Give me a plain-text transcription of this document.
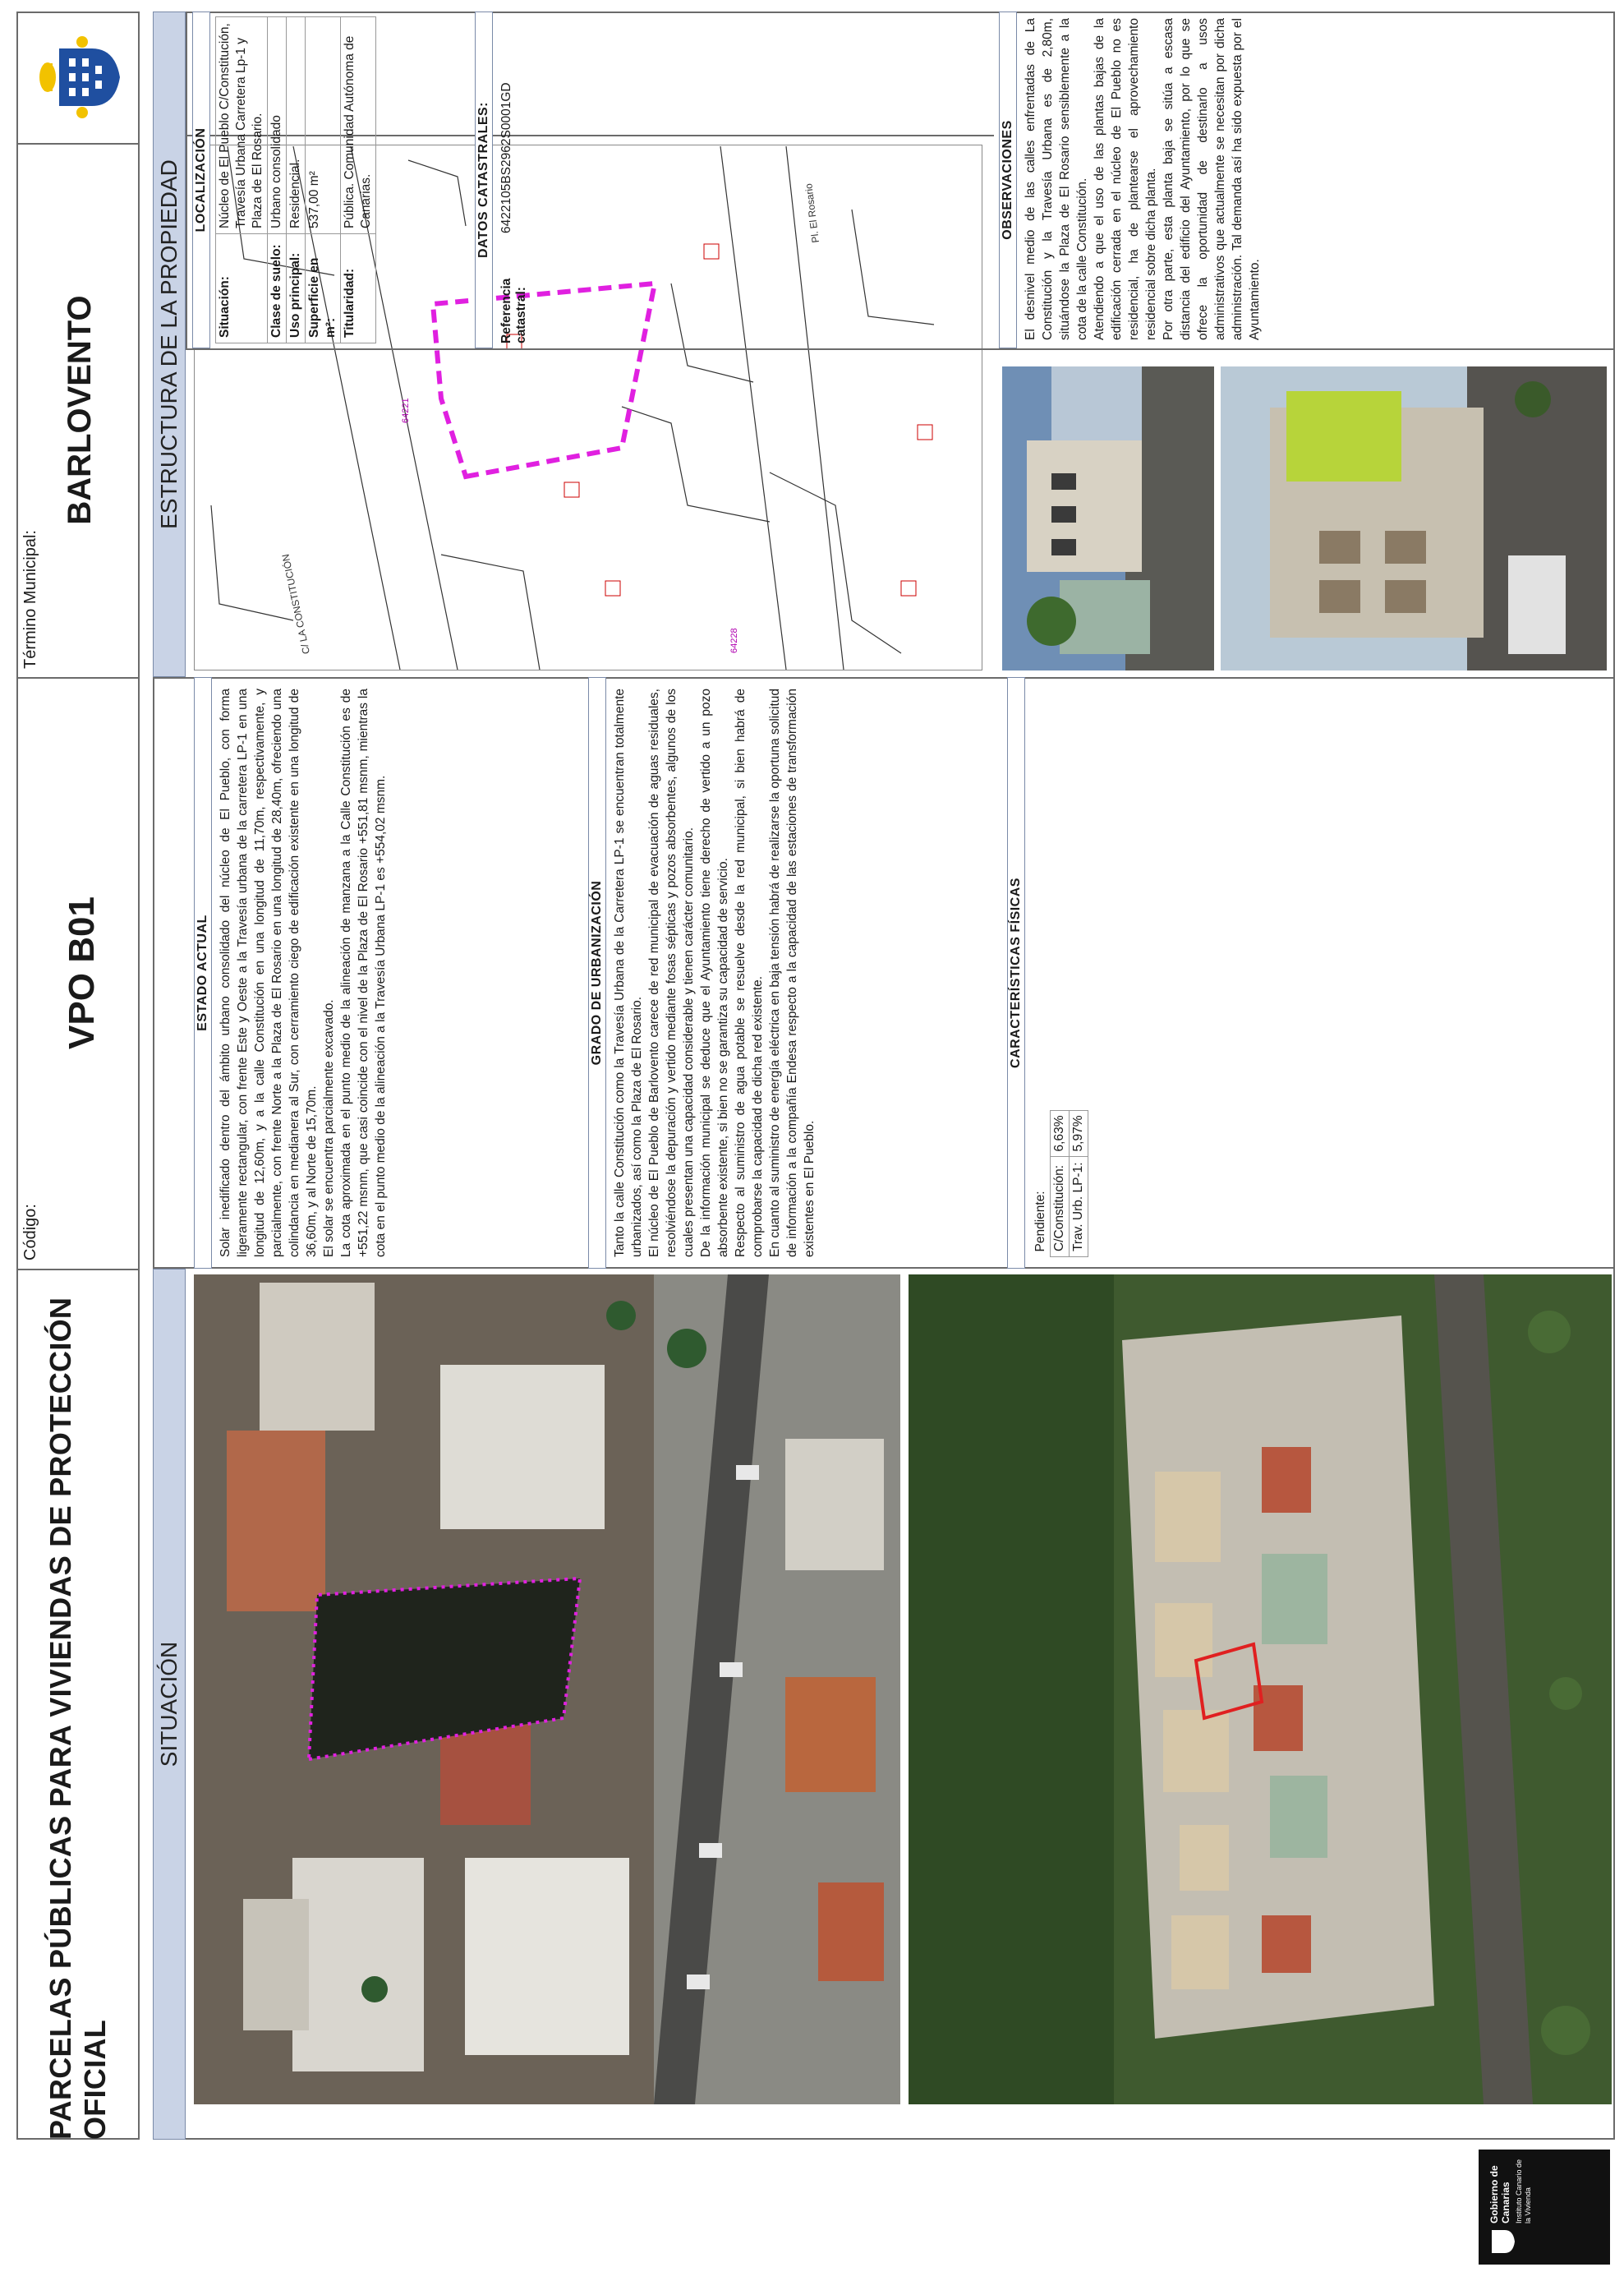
PARCELAS PÚBLICAS PARA VIVIENDAS DE PROTECCIÓN OFICIAL
Código:
VPO B01
Término Municipal:
BARLOVENTO
SITUACIÓN
ESTADO ACTUAL Solar inedificado dentro del ámbito urbano consolidado del núcleo de El Pueblo, con forma ligeramente rectangular, con frente Este y Oeste a la Travesía urbana de la carretera LP-1 en una longitud de 12,60m, y a la calle Constitución en una longitud de 11,70m, respectivamente, y parcialmente, con frente Norte a la Plaza de El Rosario en una longitud de 28,40m, ofreciendo una colindancia en medianera al Sur, con cerramiento ciego de edificación existente en una longitud de 36,60m, y al Norte de 15,70m. El solar se encuentra parcialmente excavado. La cota aproximada en el punto medio de la alineación de manzana a la Calle Constitución es de +551,22 msnm, que casi coincide con el nivel de la Plaza de El Rosario +551,81 msnm, mientras la cota en el punto medio de la alineación a la Travesía Urbana LP-1 es +554,02 msnm.	GRADO DE URBANIZACIÓN Tanto la calle Constitución como la Travesía Urbana de la Carretera LP-1 se encuentran totalmente urbanizados, así como la Plaza de El Rosario. El núcleo de El Pueblo de Barlovento carece de red municipal de evacuación de aguas residuales, resolviéndose la depuración y vertido mediante fosas sépticas y pozos absorbentes, algunos de los cuales presentan una capacidad considerable y tienen carácter comunitario. De la información municipal se deduce que el Ayuntamiento tiene derecho de vertido a un pozo absorbente existente, si bien no se garantiza su capacidad de servicio. Respecto al suministro de agua potable se resuelve desde la red municipal, si bien habrá de comprobarse la capacidad de dicha red existente. En cuanto al suministro de energía eléctrica en baja tensión habrá de realizarse la oportuna solicitud de información a la compañía Endesa respecto a la capacidad de las estaciones de transformación existentes en El Pueblo.

CARACTERÍSTICAS FÍSICAS
Pendiente:	
C/Constitución:	6,63%
Trav. Urb. LP-1:	5,97%
ESTRUCTURA DE LA PROPIEDAD
C/ LA CONSTITUCIÓN
Pl. El Rosario
64228
64221
OBSERVACIONES El desnivel medio de las calles enfrentadas de La Constitución y la Travesía Urbana es de 2,80m, situándose la Plaza de El Rosario sensiblemente a la cota de la calle Constitución. Atendiendo a que el uso de las plantas bajas de la edificación cerrada en el núcleo de El Pueblo no es residencial, ha de plantearse el aprovechamiento residencial sobre dicha planta. Por otra parte, esta planta baja se sitúa a escasa distancia del edificio del Ayuntamiento, por lo que se ofrece la oportunidad de destinarlo a usos administrativos que actualmente se necesitan por dicha administración. Tal demanda así ha sido expuesta por el Ayuntamiento.

LOCALIZACIÓN
Situación:	Núcleo de El Pueblo C/Constitución, Travesía Urbana Carretera Lp-1 y Plaza de El Rosario.
Clase de suelo:	Urbano consolidado
Uso principal:	Residencial.
Superficie en m²:	537,00 m²
Titularidad:	Pública. Comunidad Autónoma de Canarias.	DATOS CATASTRALES:
Referencia catastral:
6422105BS2962S0001GD
Gobierno de Canarias Instituto Canario de la Vivienda
